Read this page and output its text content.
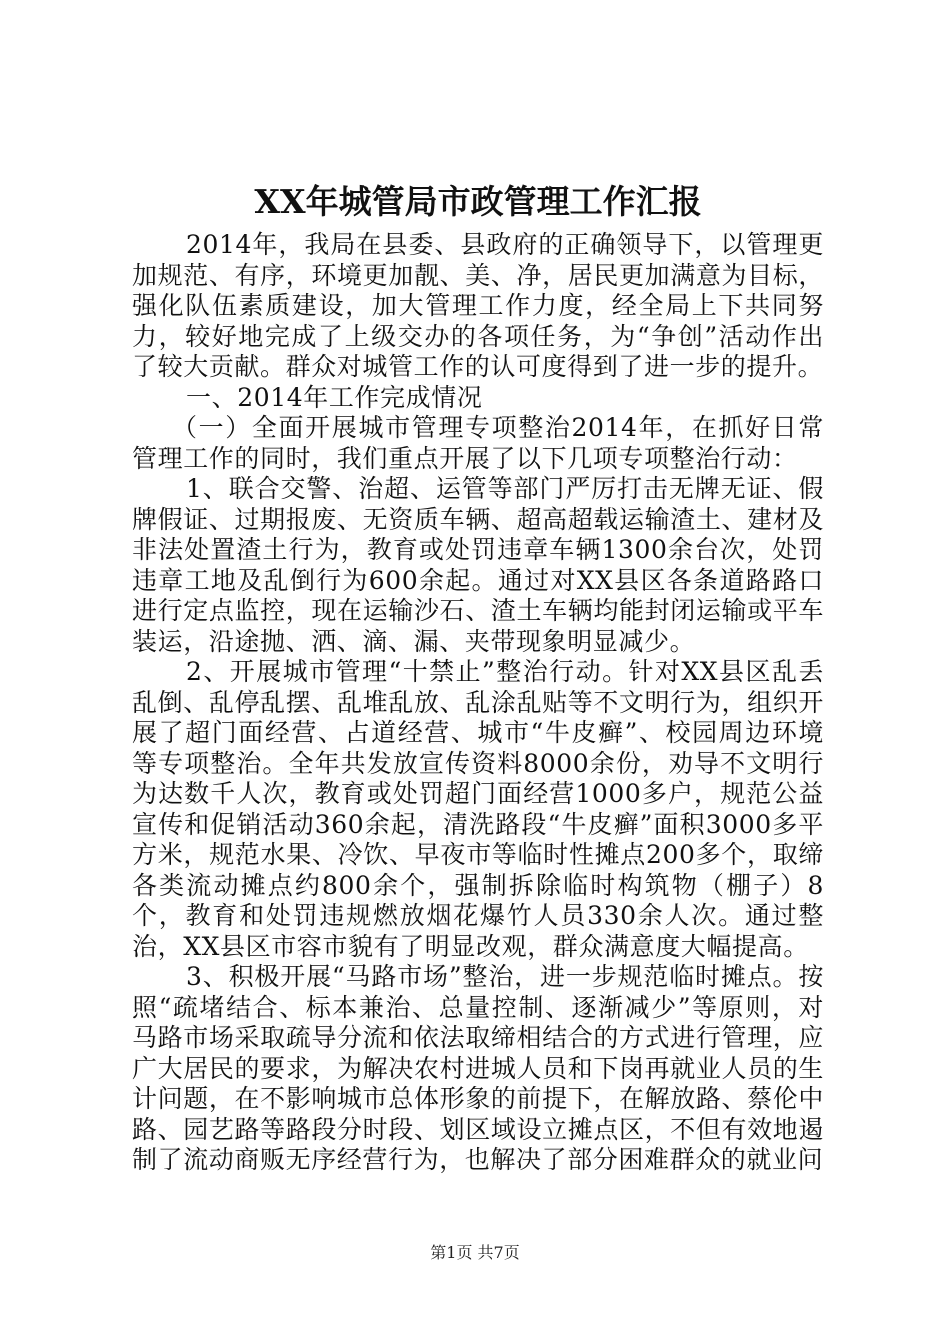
XX年城管局市政管理工作汇报

2014年，我局在县委、县政府的正确领导下，以管理更加规范、有序，环境更加靓、美、净，居民更加满意为目标，强化队伍素质建设，加大管理工作力度，经全局上下共同努力，较好地完成了上级交办的各项任务，为“争创”活动作出了较大贡献。群众对城管工作的认可度得到了进一步的提升。

一、2014年工作完成情况

（一）全面开展城市管理专项整治2014年，在抓好日常管理工作的同时，我们重点开展了以下几项专项整治行动：

1、联合交警、治超、运管等部门严厉打击无牌无证、假牌假证、过期报废、无资质车辆、超高超载运输渣土、建材及非法处置渣土行为，教育或处罚违章车辆1300余台次，处罚违章工地及乱倒行为600余起。通过对XX县区各条道路路口进行定点监控，现在运输沙石、渣土车辆均能封闭运输或平车装运，沿途抛、洒、滴、漏、夹带现象明显减少。

2、开展城市管理“十禁止”整治行动。针对XX县区乱丢乱倒、乱停乱摆、乱堆乱放、乱涂乱贴等不文明行为，组织开展了超门面经营、占道经营、城市“牛皮癣”、校园周边环境等专项整治。全年共发放宣传资料8000余份，劝导不文明行为达数千人次，教育或处罚超门面经营1000多户，规范公益宣传和促销活动360余起，清洗路段“牛皮癣”面积3000多平方米，规范水果、冷饮、早夜市等临时性摊点200多个，取缔各类流动摊点约800余个，强制拆除临时构筑物（棚子）8个，教育和处罚违规燃放烟花爆竹人员330余人次。通过整治，XX县区市容市貌有了明显改观，群众满意度大幅提高。

3、积极开展“马路市场”整治，进一步规范临时摊点。按照“疏堵结合、标本兼治、总量控制、逐渐减少”等原则，对马路市场采取疏导分流和依法取缔相结合的方式进行管理，应广大居民的要求，为解决农村进城人员和下岗再就业人员的生计问题，在不影响城市总体形象的前提下，在解放路、蔡伦中路、园艺路等路段分时段、划区域设立摊点区，不但有效地遏制了流动商贩无序经营行为，也解决了部分困难群众的就业问

第1页 共7页
